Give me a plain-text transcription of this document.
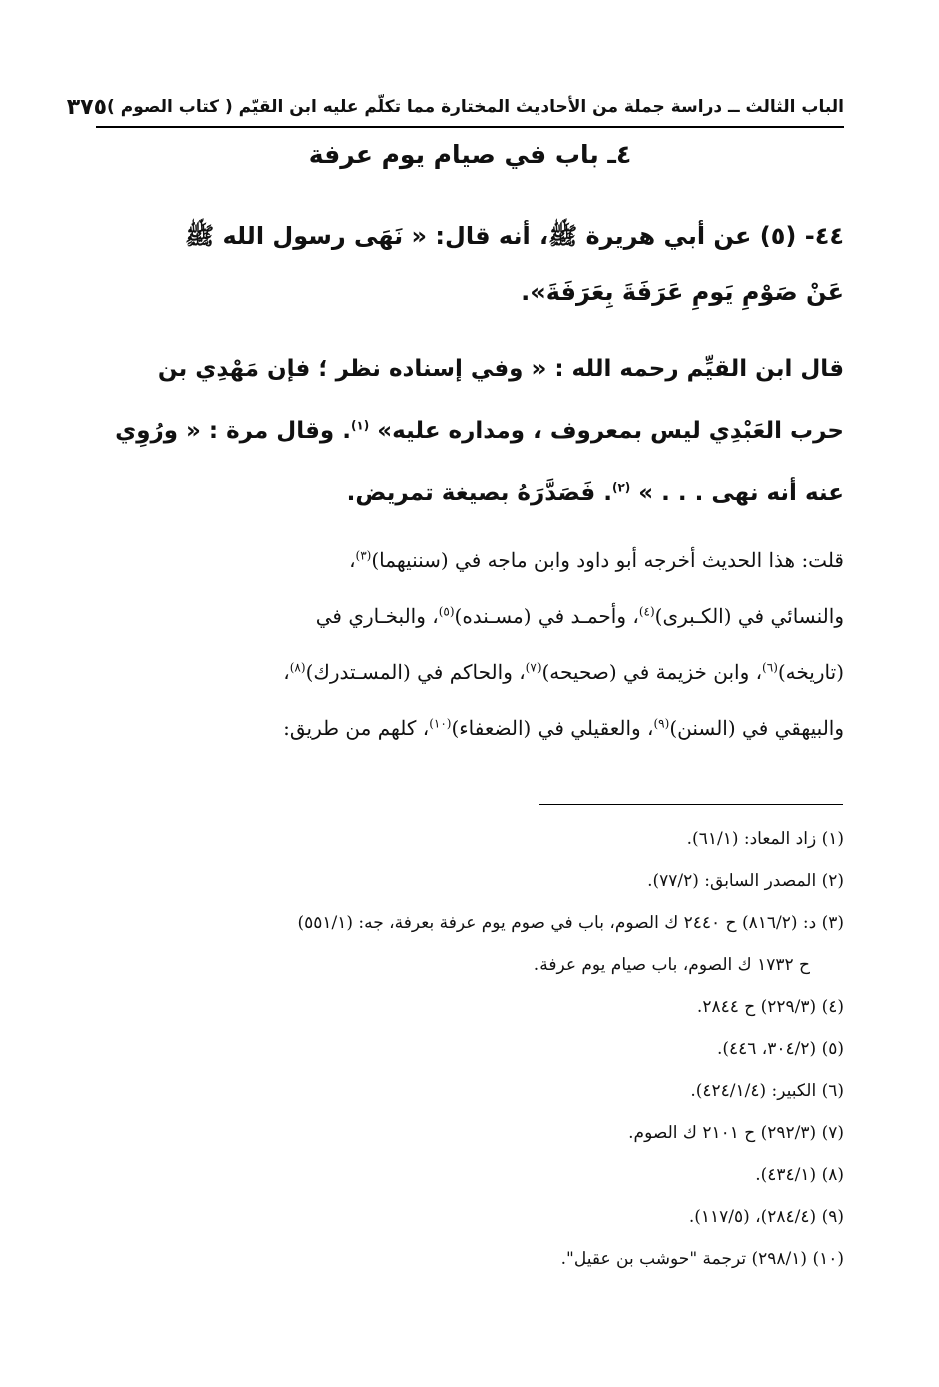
الباب الثالث ــ دراسة جملة من الأحاديث المختارة مما تكلّم عليه ابن القيّم ( كتاب الصوم )
٣٧٥
٤ـ باب في صيام يوم عرفة
٤٤- (٥) عن أبي هريرة ﷺ، أنه قال: « نَهَى رسول الله ﷺ
عَنْ صَوْمِ يَومِ عَرَفَةَ بِعَرَفَةَ».
قال ابن القيِّم رحمه الله : « وفي إسناده نظر ؛ فإن مَهْدِي بن
حرب العَبْدِي ليس بمعروف ، ومداره عليه» $^{(١)}$. وقال مرة : « ورُوِي
عنه أنه نهى . . . » $^{(٢)}$. فَصَدَّرَهُ بصيغة تمريض.
قلت: هذا الحديث أخرجه أبو داود وابن ماجه في (سننيهما)$^{(٣)}$،
والنسائي في (الكـبرى)$^{(٤)}$، وأحمـد في (مسـنده)$^{(٥)}$، والبخـاري في
(تاريخه)$^{(٦)}$، وابن خزيمة في (صحيحه)$^{(٧)}$، والحاكم في (المسـتدرك)$^{(٨)}$،
والبيهقي في (السنن)$^{(٩)}$، والعقيلي في (الضعفاء)$^{(١٠)}$، كلهم من طريق:
(١) زاد المعاد: (٦١/١).
(٢) المصدر السابق: (٧٧/٢).
(٣) د: (٨١٦/٢) ح ٢٤٤٠ ك الصوم، باب في صوم يوم عرفة بعرفة، جه: (٥٥١/١)
ح ١٧٣٢ ك الصوم، باب صيام يوم عرفة.
(٤) (٢٢٩/٣) ح ٢٨٤٤.
(٥) (٣٠٤/٢، ٤٤٦).
(٦) الكبير: (٤٢٤/١/٤).
(٧) (٢٩٢/٣) ح ٢١٠١ ك الصوم.
(٨) (٤٣٤/١).
(٩) (٢٨٤/٤)، (١١٧/٥).
(١٠) (٢٩٨/١) ترجمة "حوشب بن عقيل".
